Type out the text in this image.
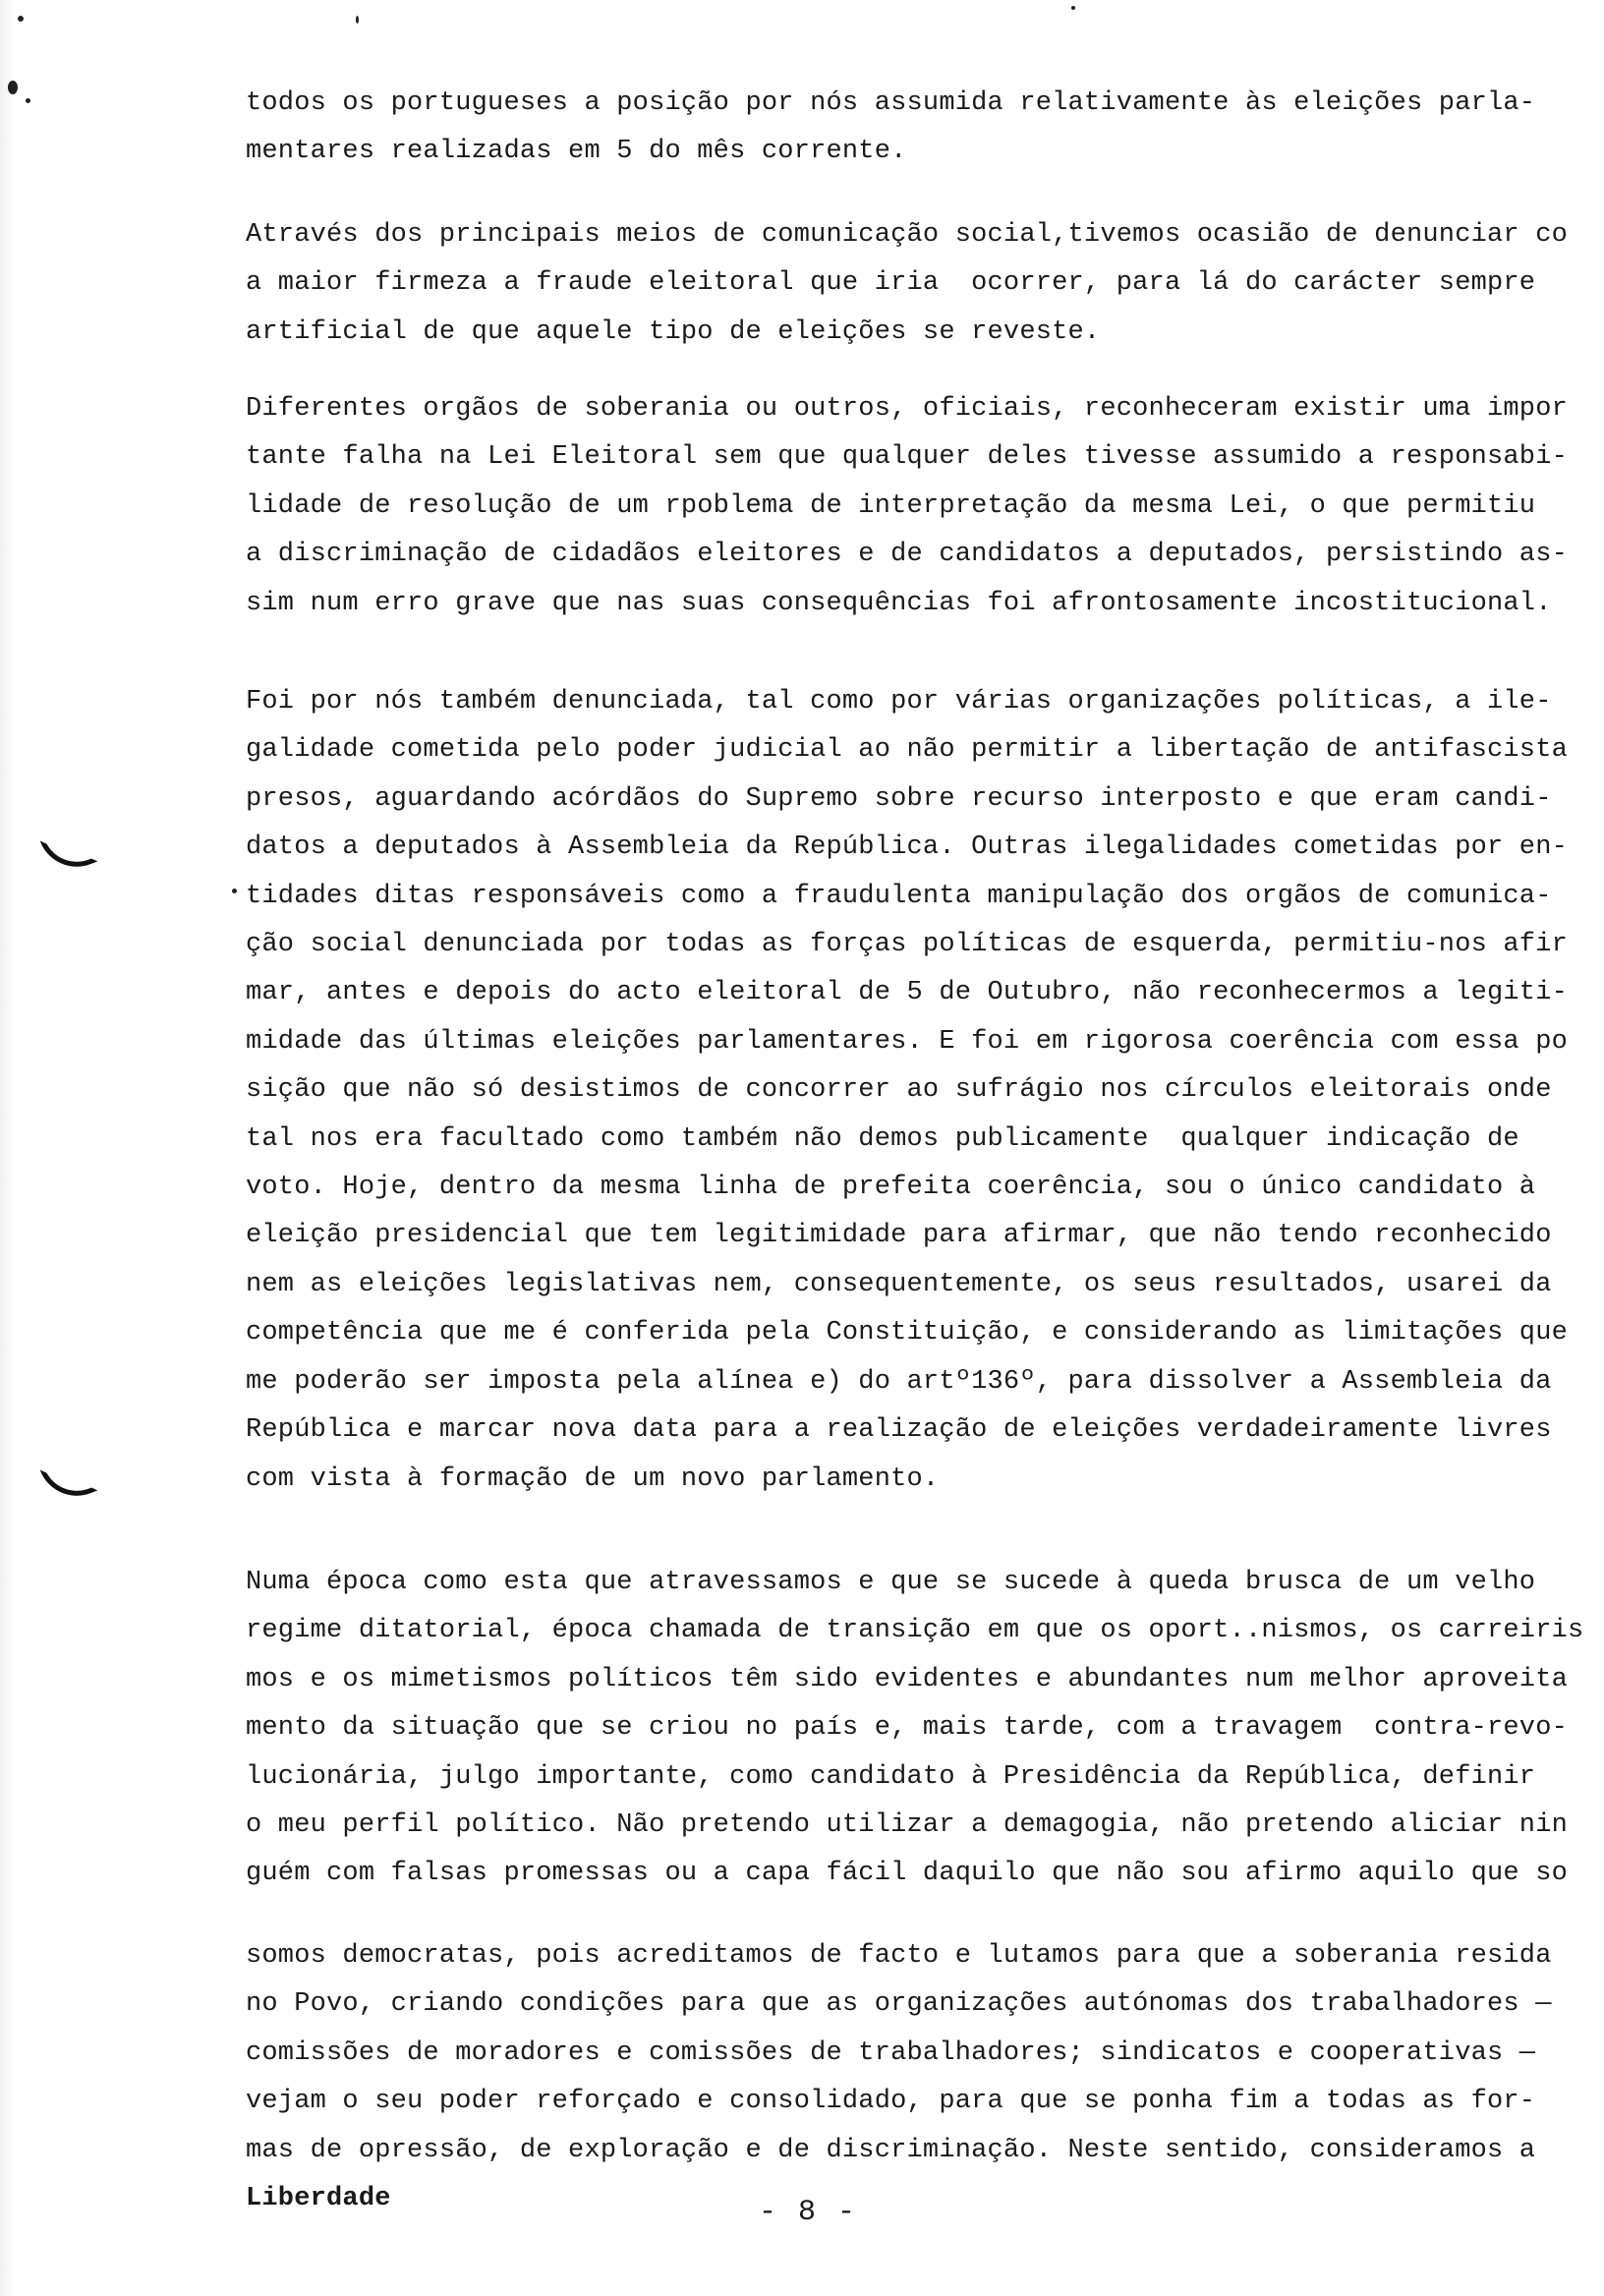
todos os portugueses a posição por nós assumida relativamente às eleições parla-
mentares realizadas em 5 do mês corrente.
Através dos principais meios de comunicação social,tivemos ocasião de denunciar co
a maior firmeza a fraude eleitoral que iria  ocorrer, para lá do carácter sempre
artificial de que aquele tipo de eleições se reveste.
Diferentes orgãos de soberania ou outros, oficiais, reconheceram existir uma impor
tante falha na Lei Eleitoral sem que qualquer deles tivesse assumido a responsabi-
lidade de resolução de um rpoblema de interpretação da mesma Lei, o que permitiu
a discriminação de cidadãos eleitores e de candidatos a deputados, persistindo as-
sim num erro grave que nas suas consequências foi afrontosamente incostitucional.
Foi por nós também denunciada, tal como por várias organizações políticas, a ile-
galidade cometida pelo poder judicial ao não permitir a libertação de antifascista
presos, aguardando acórdãos do Supremo sobre recurso interposto e que eram candi-
datos a deputados à Assembleia da República. Outras ilegalidades cometidas por en-
tidades ditas responsáveis como a fraudulenta manipulação dos orgãos de comunica-
ção social denunciada por todas as forças políticas de esquerda, permitiu-nos afir
mar, antes e depois do acto eleitoral de 5 de Outubro, não reconhecermos a legiti-
midade das últimas eleições parlamentares. E foi em rigorosa coerência com essa po
sição que não só desistimos de concorrer ao sufrágio nos círculos eleitorais onde
tal nos era facultado como também não demos publicamente  qualquer indicação de
voto. Hoje, dentro da mesma linha de prefeita coerência, sou o único candidato à
eleição presidencial que tem legitimidade para afirmar, que não tendo reconhecido
nem as eleições legislativas nem, consequentemente, os seus resultados, usarei da
competência que me é conferida pela Constituição, e considerando as limitações que
me poderão ser imposta pela alínea e) do artº136º, para dissolver a Assembleia da
República e marcar nova data para a realização de eleições verdadeiramente livres
com vista à formação de um novo parlamento.
Numa época como esta que atravessamos e que se sucede à queda brusca de um velho
regime ditatorial, época chamada de transição em que os oport..nismos, os carreiris
mos e os mimetismos políticos têm sido evidentes e abundantes num melhor aproveita
mento da situação que se criou no país e, mais tarde, com a travagem  contra-revo-
lucionária, julgo importante, como candidato à Presidência da República, definir
o meu perfil político. Não pretendo utilizar a demagogia, não pretendo aliciar nin
guém com falsas promessas ou a capa fácil daquilo que não sou afirmo aquilo que so
somos democratas, pois acreditamos de facto e lutamos para que a soberania resida
no Povo, criando condições para que as organizações autónomas dos trabalhadores —
comissões de moradores e comissões de trabalhadores; sindicatos e cooperativas —
vejam o seu poder reforçado e consolidado, para que se ponha fim a todas as for-
mas de opressão, de exploração e de discriminação. Neste sentido, consideramos a
Liberdade	- 8 -
